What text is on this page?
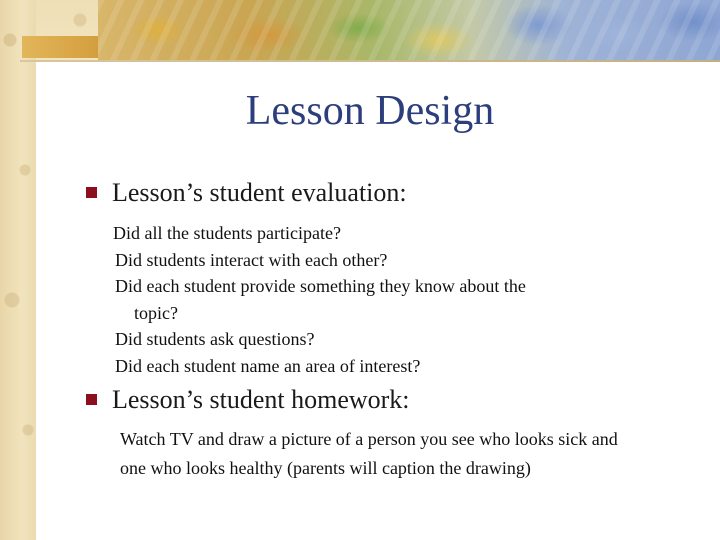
Lesson Design
Lesson’s student evaluation:
Did all the students participate?
Did students interact with each other?
Did each student provide something they know about the
topic?
Did students ask questions?
Did each student name an area of interest?
Lesson’s student homework:
Watch TV and draw a picture of a person you see who looks sick and
one who looks healthy (parents will caption the drawing)
